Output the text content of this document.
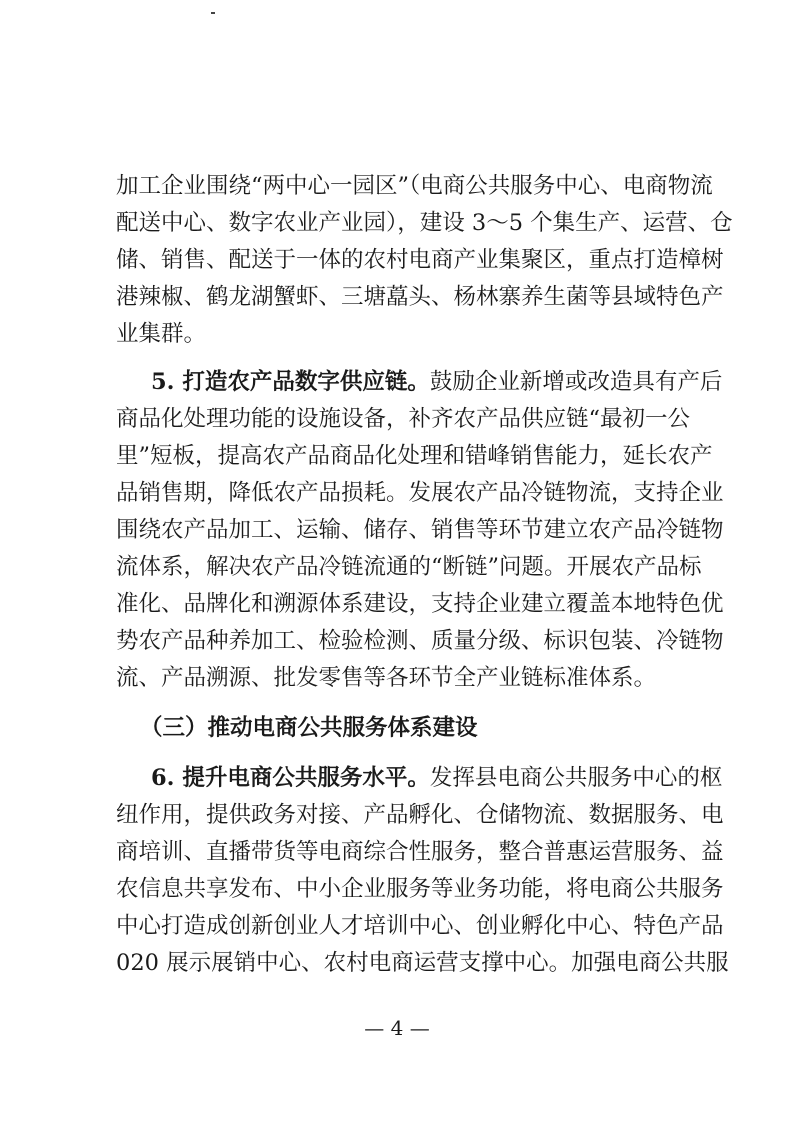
加工企业围绕“两中心一园区”（电商公共服务中心、电商物流
配送中心、数字农业产业园），建设 3～5 个集生产、运营、仓
储、销售、配送于一体的农村电商产业集聚区，重点打造樟树
港辣椒、鹤龙湖蟹虾、三塘藠头、杨林寨养生菌等县域特色产
业集群。
5. 打造农产品数字供应链。鼓励企业新增或改造具有产后
商品化处理功能的设施设备，补齐农产品供应链“最初一公
里”短板，提高农产品商品化处理和错峰销售能力，延长农产
品销售期，降低农产品损耗。发展农产品冷链物流，支持企业
围绕农产品加工、运输、储存、销售等环节建立农产品冷链物
流体系，解决农产品冷链流通的“断链”问题。开展农产品标
准化、品牌化和溯源体系建设，支持企业建立覆盖本地特色优
势农产品种养加工、检验检测、质量分级、标识包装、冷链物
流、产品溯源、批发零售等各环节全产业链标准体系。
（三）推动电商公共服务体系建设
6. 提升电商公共服务水平。发挥县电商公共服务中心的枢
纽作用，提供政务对接、产品孵化、仓储物流、数据服务、电
商培训、直播带货等电商综合性服务，整合普惠运营服务、益
农信息共享发布、中小企业服务等业务功能，将电商公共服务
中心打造成创新创业人才培训中心、创业孵化中心、特色产品
020 展示展销中心、农村电商运营支撑中心。加强电商公共服
— 4 —
